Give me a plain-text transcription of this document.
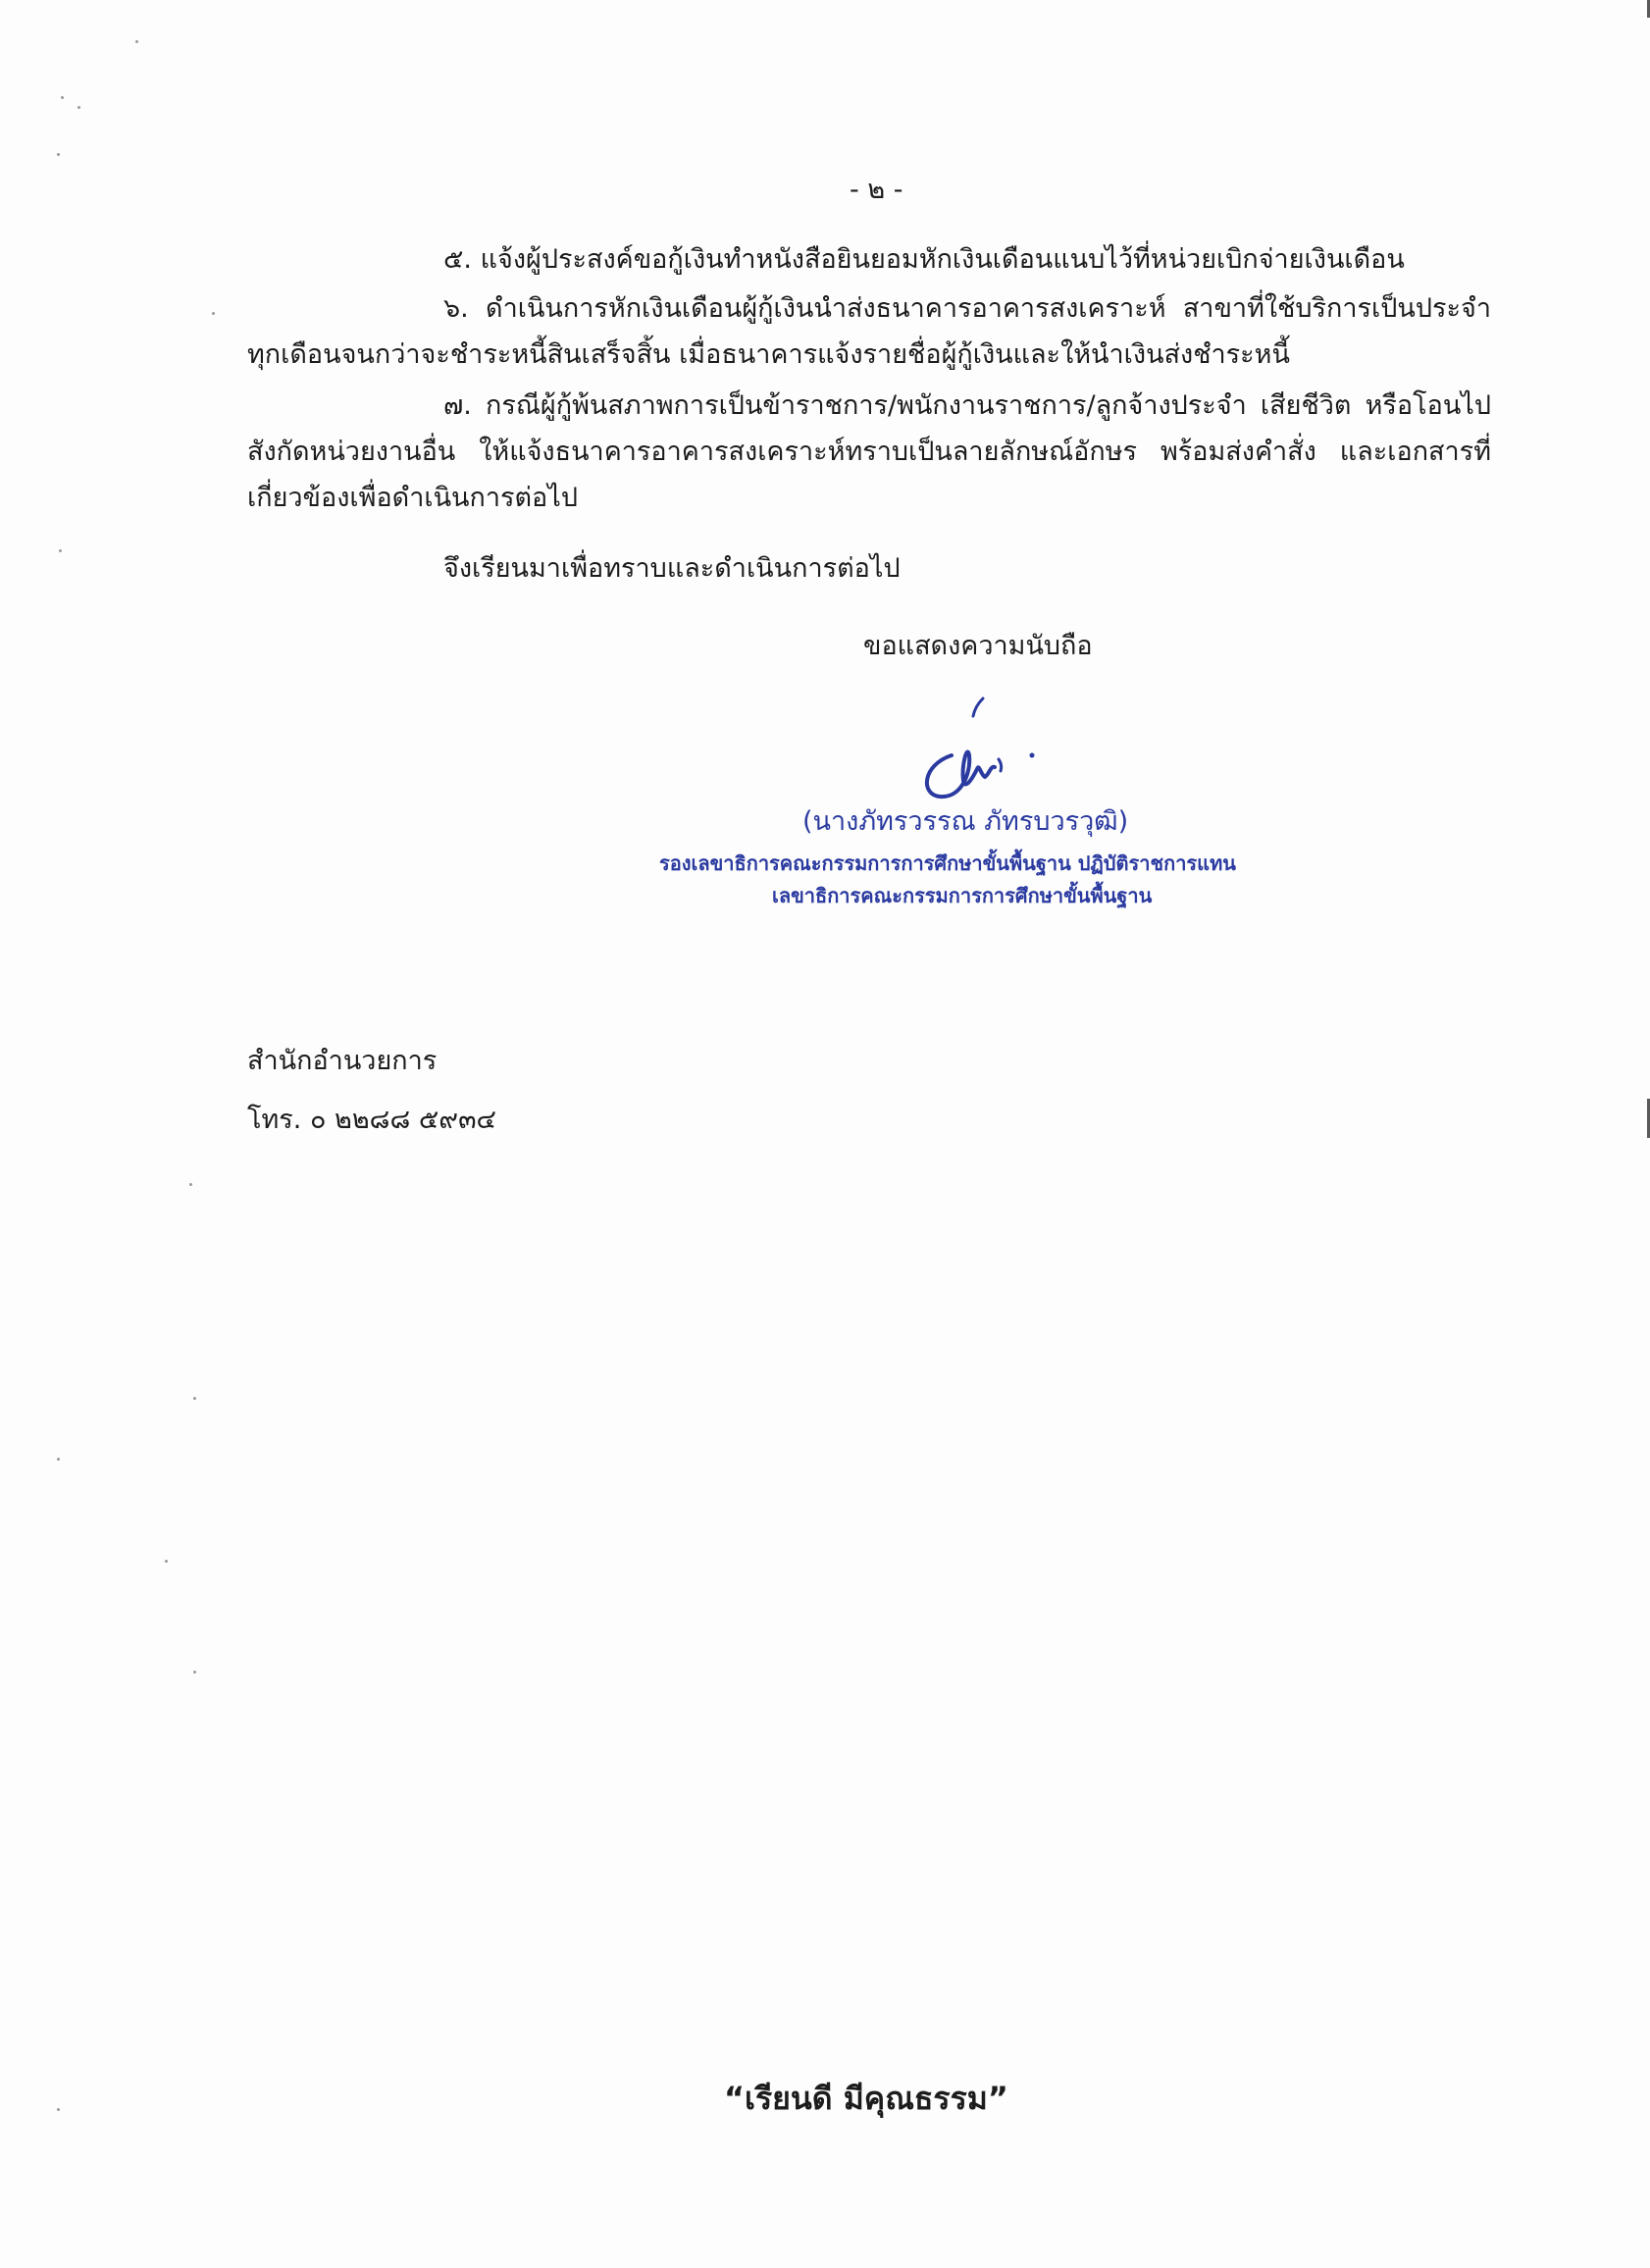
- ๒ -
๕. แจ้งผู้ประสงค์ขอกู้เงินทำหนังสือยินยอมหักเงินเดือนแนบไว้ที่หน่วยเบิกจ่ายเงินเดือน
๖. ดำเนินการหักเงินเดือนผู้กู้เงินนำส่งธนาคารอาคารสงเคราะห์ สาขาที่ใช้บริการเป็นประจำทุกเดือนจนกว่าจะชำระหนี้สินเสร็จสิ้น เมื่อธนาคารแจ้งรายชื่อผู้กู้เงินและให้นำเงินส่งชำระหนี้
๗. กรณีผู้กู้พ้นสภาพการเป็นข้าราชการ/พนักงานราชการ/ลูกจ้างประจำ เสียชีวิต หรือโอนไปสังกัดหน่วยงานอื่น ให้แจ้งธนาคารอาคารสงเคราะห์ทราบเป็นลายลักษณ์อักษร พร้อมส่งคำสั่ง และเอกสารที่เกี่ยวข้องเพื่อดำเนินการต่อไป
จึงเรียนมาเพื่อทราบและดำเนินการต่อไป
ขอแสดงความนับถือ
(นางภัทรวรรณ ภัทรบวรวุฒิ)
รองเลขาธิการคณะกรรมการการศึกษาขั้นพื้นฐาน ปฏิบัติราชการแทน
เลขาธิการคณะกรรมการการศึกษาขั้นพื้นฐาน
สำนักอำนวยการ
โทร. ๐ ๒๒๘๘ ๕๙๓๔
“เรียนดี มีคุณธรรม”
